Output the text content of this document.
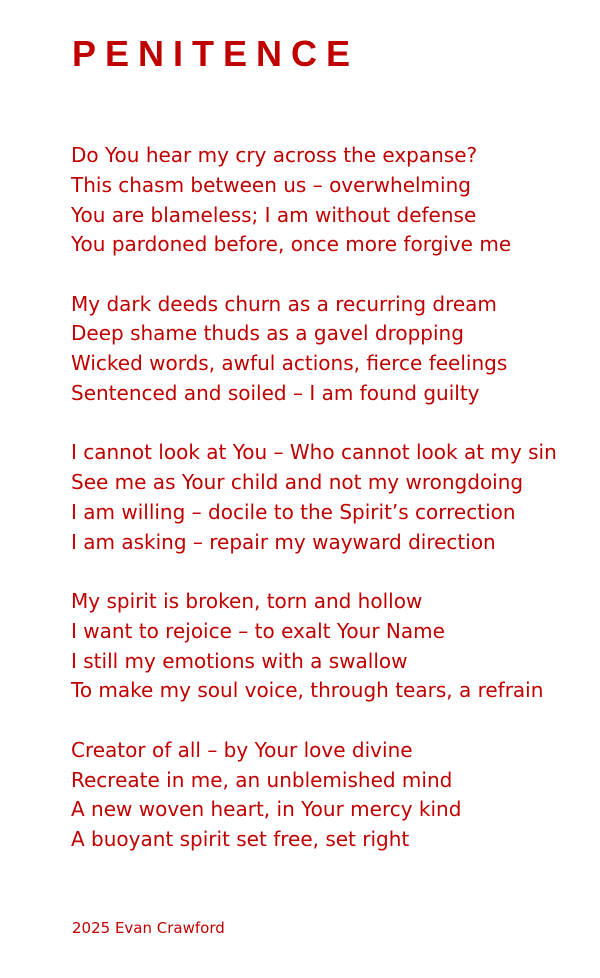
PENITENCE
Do You hear my cry across the expanse?
This chasm between us – overwhelming
You are blameless; I am without defense
You pardoned before, once more forgive me
My dark deeds churn as a recurring dream
Deep shame thuds as a gavel dropping
Wicked words, awful actions, fierce feelings
Sentenced and soiled – I am found guilty
I cannot look at You – Who cannot look at my sin
See me as Your child and not my wrongdoing
I am willing – docile to the Spirit’s correction
I am asking – repair my wayward direction
My spirit is broken, torn and hollow
I want to rejoice – to exalt Your Name
I still my emotions with a swallow
To make my soul voice, through tears, a refrain
Creator of all – by Your love divine
Recreate in me, an unblemished mind
A new woven heart, in Your mercy kind
A buoyant spirit set free, set right
2025 Evan Crawford
